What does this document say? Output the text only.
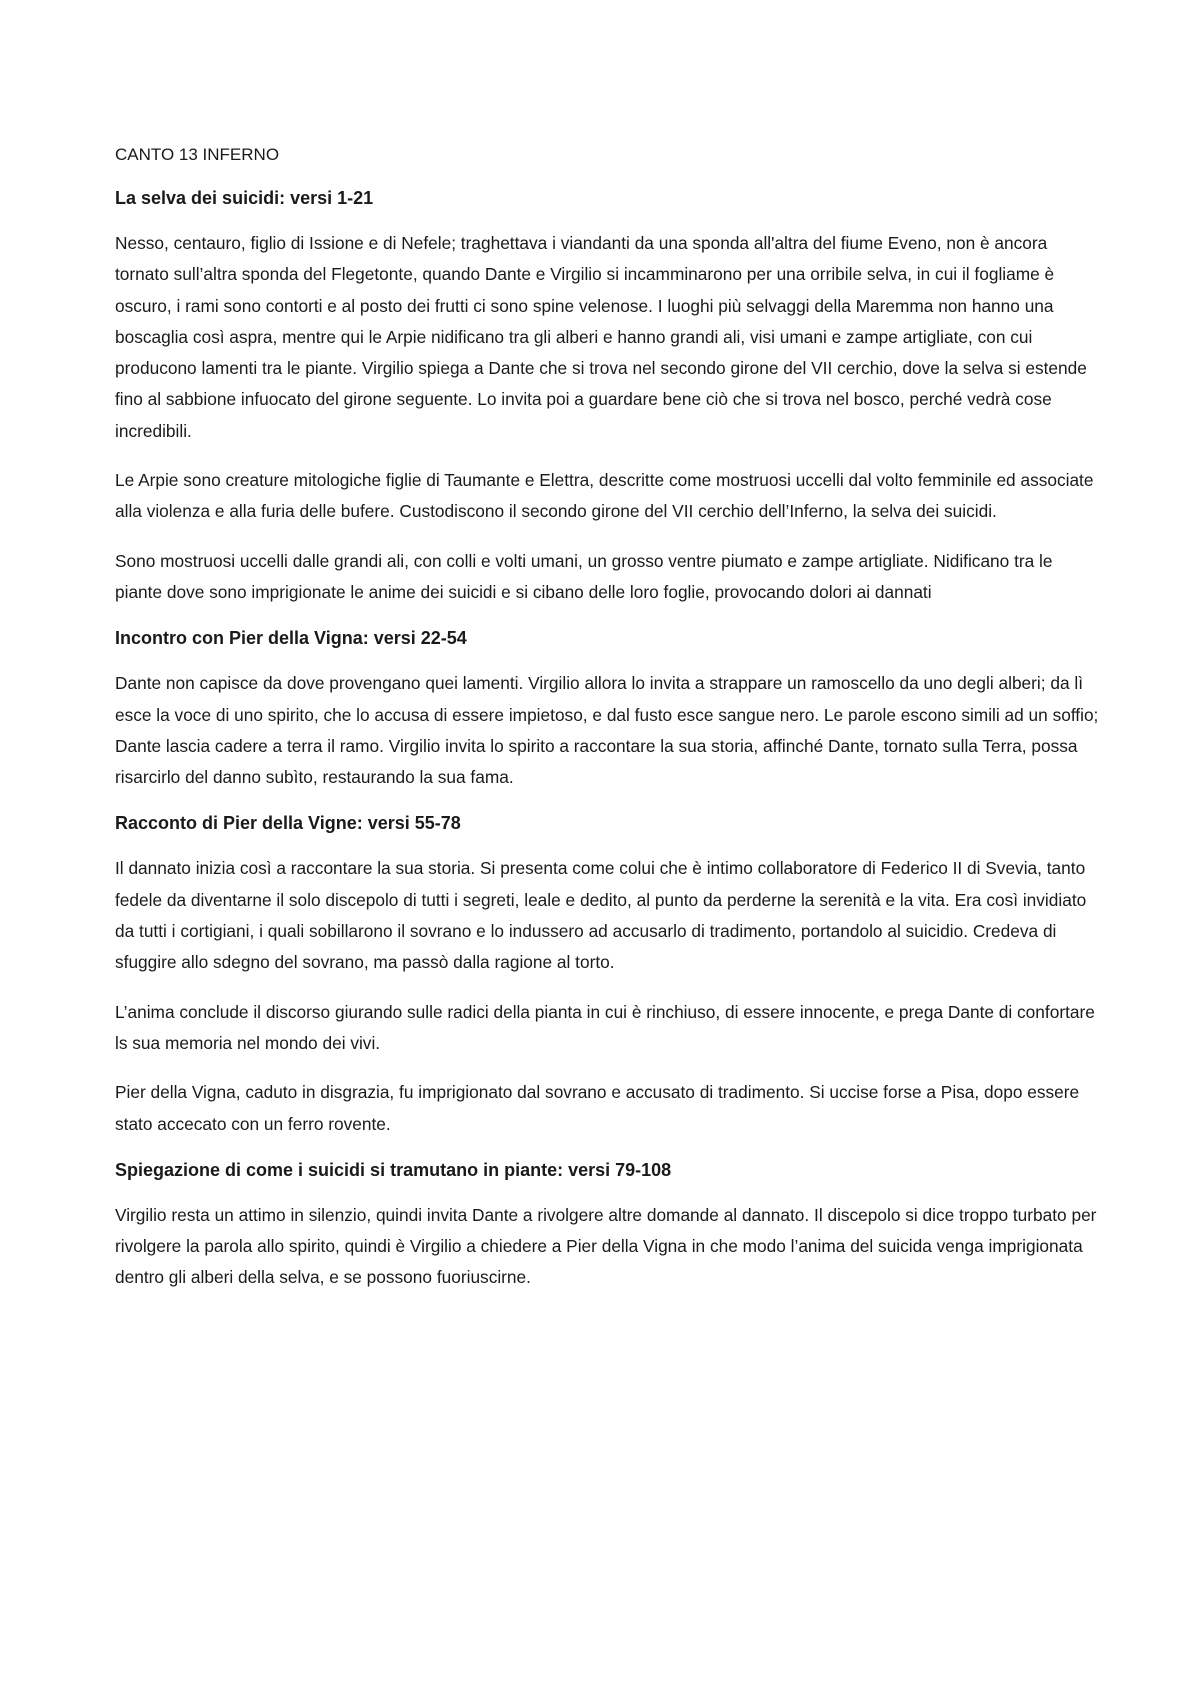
CANTO 13 INFERNO
La selva dei suicidi: versi 1-21

Nesso, centauro, figlio di Issione e di Nefele; traghettava i viandanti da una sponda all'altra del fiume Eveno, non è ancora tornato sull’altra sponda del Flegetonte, quando Dante e Virgilio si incamminarono per una orribile selva, in cui il fogliame è oscuro, i rami sono contorti e al posto dei frutti ci sono spine velenose. I luoghi più selvaggi della Maremma non hanno una boscaglia così aspra, mentre qui le Arpie nidificano tra gli alberi e hanno grandi ali, visi umani e zampe artigliate, con cui producono lamenti tra le piante. Virgilio spiega a Dante che si trova nel secondo girone del VII cerchio, dove la selva si estende fino al sabbione infuocato del girone seguente. Lo invita poi a guardare bene ciò che si trova nel bosco, perché vedrà cose incredibili.

Le Arpie sono creature mitologiche figlie di Taumante e Elettra, descritte come mostruosi uccelli dal volto femminile ed associate alla violenza e alla furia delle bufere. Custodiscono il secondo girone del VII cerchio dell’Inferno, la selva dei suicidi.

Sono mostruosi uccelli dalle grandi ali, con colli e volti umani, un grosso ventre piumato e zampe artigliate. Nidificano tra le piante dove sono imprigionate le anime dei suicidi e si cibano delle loro foglie, provocando dolori ai dannati

Incontro con Pier della Vigna: versi 22-54

Dante non capisce da dove provengano quei lamenti. Virgilio allora lo invita a strappare un ramoscello da uno degli alberi; da lì esce la voce di uno spirito, che lo accusa di essere impietoso, e dal fusto esce sangue nero. Le parole escono simili ad un soffio; Dante lascia cadere a terra il ramo. Virgilio invita lo spirito a raccontare la sua storia, affinché Dante, tornato sulla Terra, possa risarcirlo del danno subìto, restaurando la sua fama.

Racconto di Pier della Vigne: versi 55-78

Il dannato inizia così a raccontare la sua storia. Si presenta come colui che è intimo collaboratore di Federico II di Svevia, tanto fedele da diventarne il solo discepolo di tutti i segreti, leale e dedito, al punto da perderne la serenità e la vita. Era così invidiato da tutti i cortigiani, i quali sobillarono il sovrano e lo indussero ad accusarlo di tradimento, portandolo al suicidio. Credeva di sfuggire allo sdegno del sovrano, ma passò dalla ragione al torto.

L’anima conclude il discorso giurando sulle radici della pianta in cui è rinchiuso, di essere innocente, e prega Dante di confortare ls sua memoria nel mondo dei vivi.

Pier della Vigna, caduto in disgrazia, fu imprigionato dal sovrano e accusato di tradimento. Si uccise forse a Pisa, dopo essere stato accecato con un ferro rovente.

Spiegazione di come i suicidi si tramutano in piante: versi 79-108

Virgilio resta un attimo in silenzio, quindi invita Dante a rivolgere altre domande al dannato. Il discepolo si dice troppo turbato per rivolgere la parola allo spirito, quindi è Virgilio a chiedere a Pier della Vigna in che modo l’anima del suicida venga imprigionata dentro gli alberi della selva, e se possono fuoriuscirne.
